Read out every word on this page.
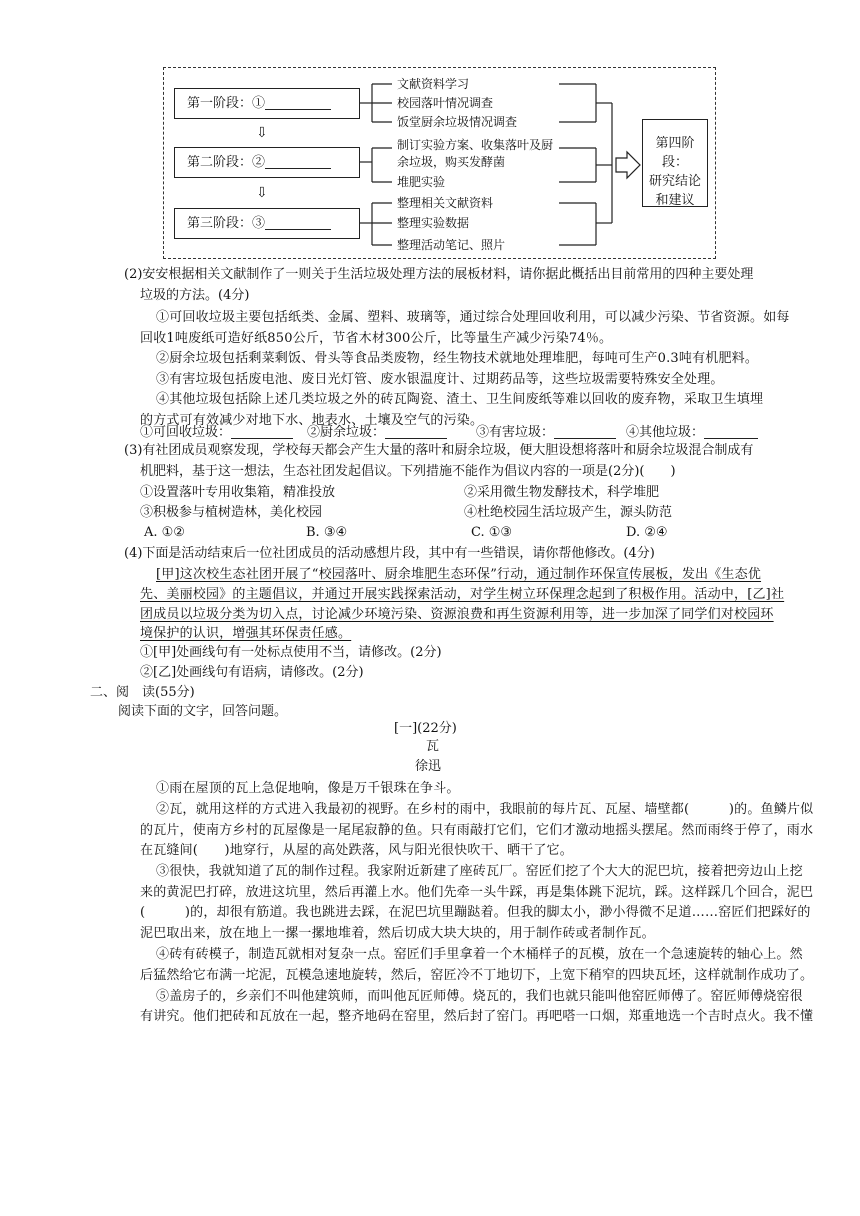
第一阶段：①
⇩
第二阶段：②
⇩
第三阶段：③
文献资料学习
校园落叶情况调查
饭堂厨余垃圾情况调查
制订实验方案、收集落叶及厨
余垃圾，购买发酵菌
堆肥实验
整理相关文献资料
整理实验数据
整理活动笔记、照片
第四阶段：
研究结论
和建议

(2)安安根据相关文献制作了一则关于生活垃圾处理方法的展板材料，请你据此概括出目前常用的四种主要处理

垃圾的方法。(4分)

①可回收垃圾主要包括纸类、金属、塑料、玻璃等，通过综合处理回收利用，可以减少污染、节省资源。如每

回收1吨废纸可造好纸850公斤，节省木材300公斤，比等量生产减少污染74％。

②厨余垃圾包括剩菜剩饭、骨头等食品类废物，经生物技术就地处理堆肥，每吨可生产0.3吨有机肥料。

③有害垃圾包括废电池、废日光灯管、废水银温度计、过期药品等，这些垃圾需要特殊安全处理。

④其他垃圾包括除上述几类垃圾之外的砖瓦陶瓷、渣土、卫生间废纸等难以回收的废弃物，采取卫生填埋

的方式可有效减少对地下水、地表水、土壤及空气的污染。

①可回收垃圾：	②厨余垃圾：	③有害垃圾：	④其他垃圾：

(3)有社团成员观察发现，学校每天都会产生大量的落叶和厨余垃圾，便大胆设想将落叶和厨余垃圾混合制成有

机肥料，基于这一想法，生态社团发起倡议。下列措施不能作为倡议内容的一项是(2分)(　　)

①设置落叶专用收集箱，精准投放	②采用微生物发酵技术，科学堆肥

③积极参与植树造林，美化校园	④杜绝校园生活垃圾产生，源头防范

A. ①②	B. ③④	C. ①③	D. ②④

(4)下面是活动结束后一位社团成员的活动感想片段，其中有一些错误，请你帮他修改。(4分)

[甲]这次校生态社团开展了“校园落叶、厨余堆肥生态环保”行动，通过制作环保宣传展板，发出《生态优

先、美丽校园》的主题倡议，并通过开展实践探索活动，对学生树立环保理念起到了积极作用。活动中，[乙]社

团成员以垃圾分类为切入点，讨论减少环境污染、资源浪费和再生资源利用等，进一步加深了同学们对校园环

境保护的认识，增强其环保责任感。

①[甲]处画线句有一处标点使用不当，请修改。(2分)

②[乙]处画线句有语病，请修改。(2分)

二、阅　读(55分)

阅读下面的文字，回答问题。

[一](22分)

瓦

徐迅

①雨在屋顶的瓦上急促地响，像是万千银珠在争斗。

②瓦，就用这样的方式进入我最初的视野。在乡村的雨中，我眼前的每片瓦、瓦屋、墙壁都(　　　)的。鱼鳞片似

的瓦片，使南方乡村的瓦屋像是一尾尾寂静的鱼。只有雨敲打它们，它们才激动地摇头摆尾。然而雨终于停了，雨水

在瓦缝间(　　)地穿行，从屋的高处跌落，风与阳光很快吹干、晒干了它。

③很快，我就知道了瓦的制作过程。我家附近新建了座砖瓦厂。窑匠们挖了个大大的泥巴坑，接着把旁边山上挖

来的黄泥巴打碎，放进这坑里，然后再灌上水。他们先牵一头牛踩，再是集体跳下泥坑，踩。这样踩几个回合，泥巴

(　　　)的，却很有筋道。我也跳进去踩，在泥巴坑里蹦跶着。但我的脚太小，渺小得微不足道……窑匠们把踩好的

泥巴取出来，放在地上一摞一摞地堆着，然后切成大块大块的，用于制作砖或者制作瓦。

④砖有砖模子，制造瓦就相对复杂一点。窑匠们手里拿着一个木桶样子的瓦模，放在一个急速旋转的轴心上。然

后猛然给它布满一坨泥，瓦模急速地旋转，然后，窑匠冷不丁地切下，上宽下稍窄的四块瓦坯，这样就制作成功了。

⑤盖房子的，乡亲们不叫他建筑师，而叫他瓦匠师傅。烧瓦的，我们也就只能叫他窑匠师傅了。窑匠师傅烧窑很

有讲究。他们把砖和瓦放在一起，整齐地码在窑里，然后封了窑门。再吧嗒一口烟，郑重地选一个吉时点火。我不懂
